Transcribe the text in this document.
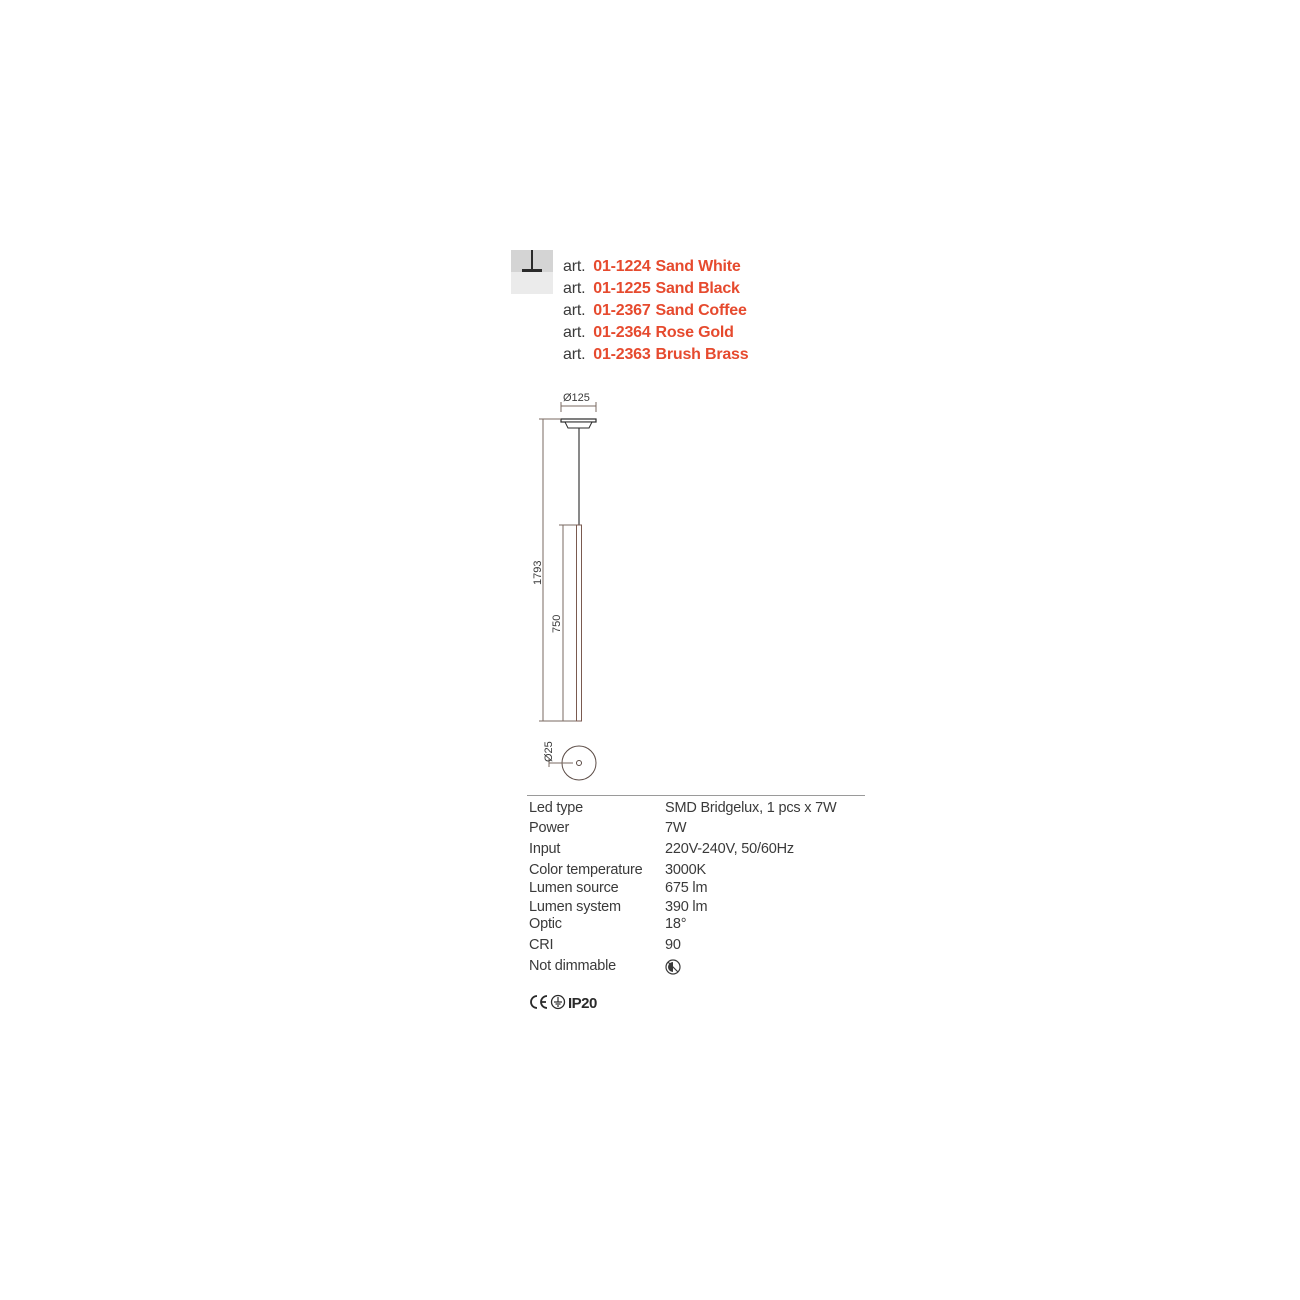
art. 01-1224 Sand White
art. 01-1225 Sand Black
art. 01-2367 Sand Coffee
art. 01-2364 Rose Gold
art. 01-2363 Brush Brass
Ø125
1793
750
Ø25
Led type	SMD Bridgelux, 1 pcs x 7W
Power	7W
Input	220V-240V, 50/60Hz
Color temperature	3000K
Lumen source	675 lm
Lumen system	390 lm
Optic	18°
CRI	90
Not dimmable
IP20
